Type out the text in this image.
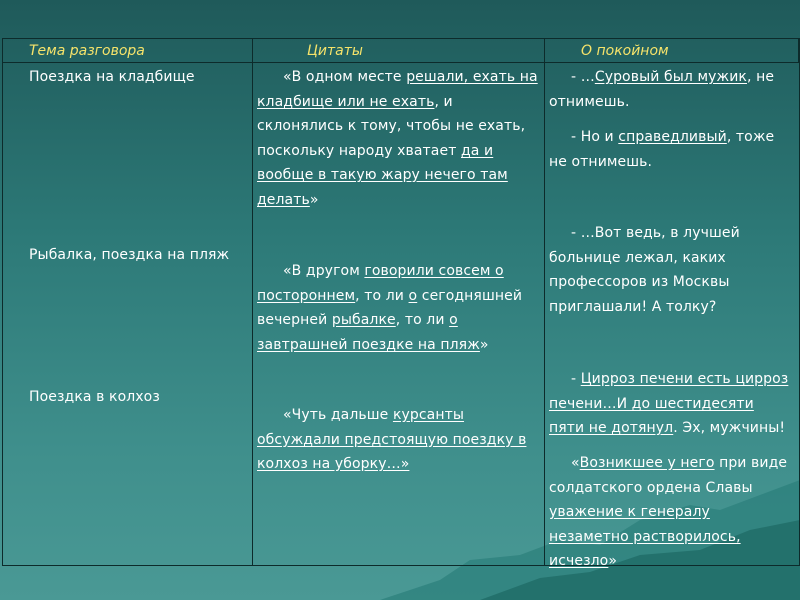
Тема разговора	Цитаты	О покойном
Поездка на кладбище
Рыбалка, поездка на пляж
Поездка в колхоз
«В одном месте решали, ехать на кладбище или не ехать, и склонялись к тому, чтобы не ехать, поскольку народу хватает да и вообще в такую жару нечего там делать»
«В другом говорили совсем о постороннем, то ли о сегодняшней вечерней рыбалке, то ли о завтрашней поездке на пляж»
«Чуть дальше курсанты обсуждали предстоящую поездку в колхоз на уборку…»
- …Суровый был мужик, не отнимешь.
- Но и справедливый, тоже не отнимешь.
- …Вот ведь, в лучшей больнице лежал, каких профессоров из Москвы приглашали! А толку?
- Цирроз печени есть цирроз печени…И до шестидесяти пяти не дотянул. Эх, мужчины!
«Возникшее у него при виде солдатского ордена Славы уважение к генералу незаметно растворилось, исчезло»
